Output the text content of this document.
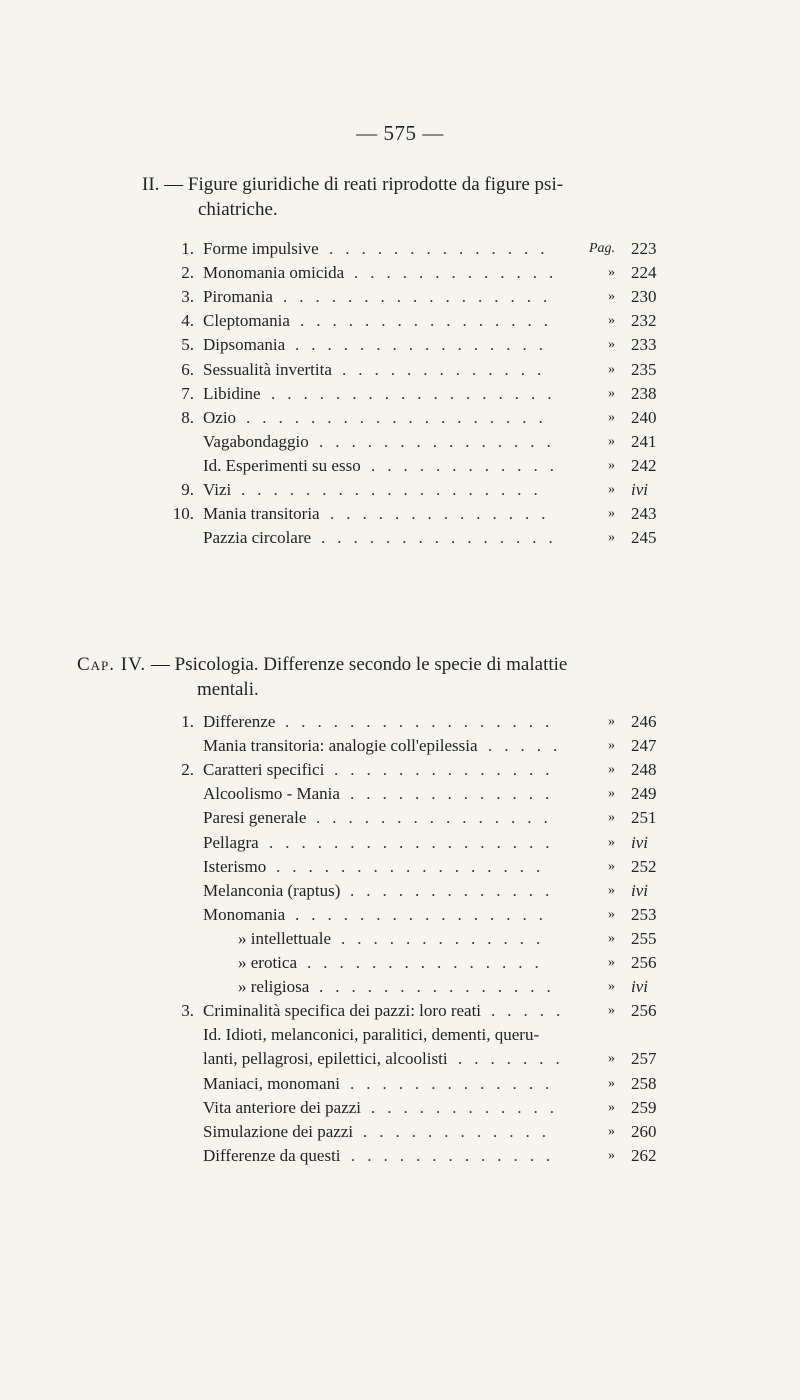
— 575 —
II. — Figure giuridiche di reati riprodotte da figure psi-
chiatriche.
1. Forme impulsive .............. Pag. 223
2. Monomania omicida .............	» 224
3. Piromania .................	» 230
4. Cleptomania ................	» 232
5. Dipsomania ................	» 233
6. Sessualità invertita .............	» 235
7. Libidine ..................	» 238
8. Ozio ...................	» 240
Vagabondaggio ...............	» 241
Id. Esperimenti su esso ............	» 242
9. Vizi ...................	» ivi
10. Mania transitoria ..............	» 243
Pazzia circolare ...............	» 245
Cap. IV. — Psicologia. Differenze secondo le specie di malattie
mentali.
1. Differenze .................	» 246
Mania transitoria: analogie coll'epilessia .....	» 247
2. Caratteri specifici ..............	» 248
Alcoolismo - Mania .............	» 249
Paresi generale ...............	» 251
Pellagra ..................	» ivi
Isterismo .................	» 252
Melanconia (raptus) .............	» ivi
Monomania ................	» 253
» intellettuale .............	» 255
» erotica ...............	» 256
» religiosa ...............	» ivi
3. Criminalità specifica dei pazzi: loro reati .....	» 256
Id. Idioti, melanconici, paralitici, dementi, queru-
lanti, pellagrosi, epilettici, alcoolisti .......	» 257
Maniaci, monomani .............	» 258
Vita anteriore dei pazzi ............	» 259
Simulazione dei pazzi ............	» 260
Differenze da questi .............	» 262
